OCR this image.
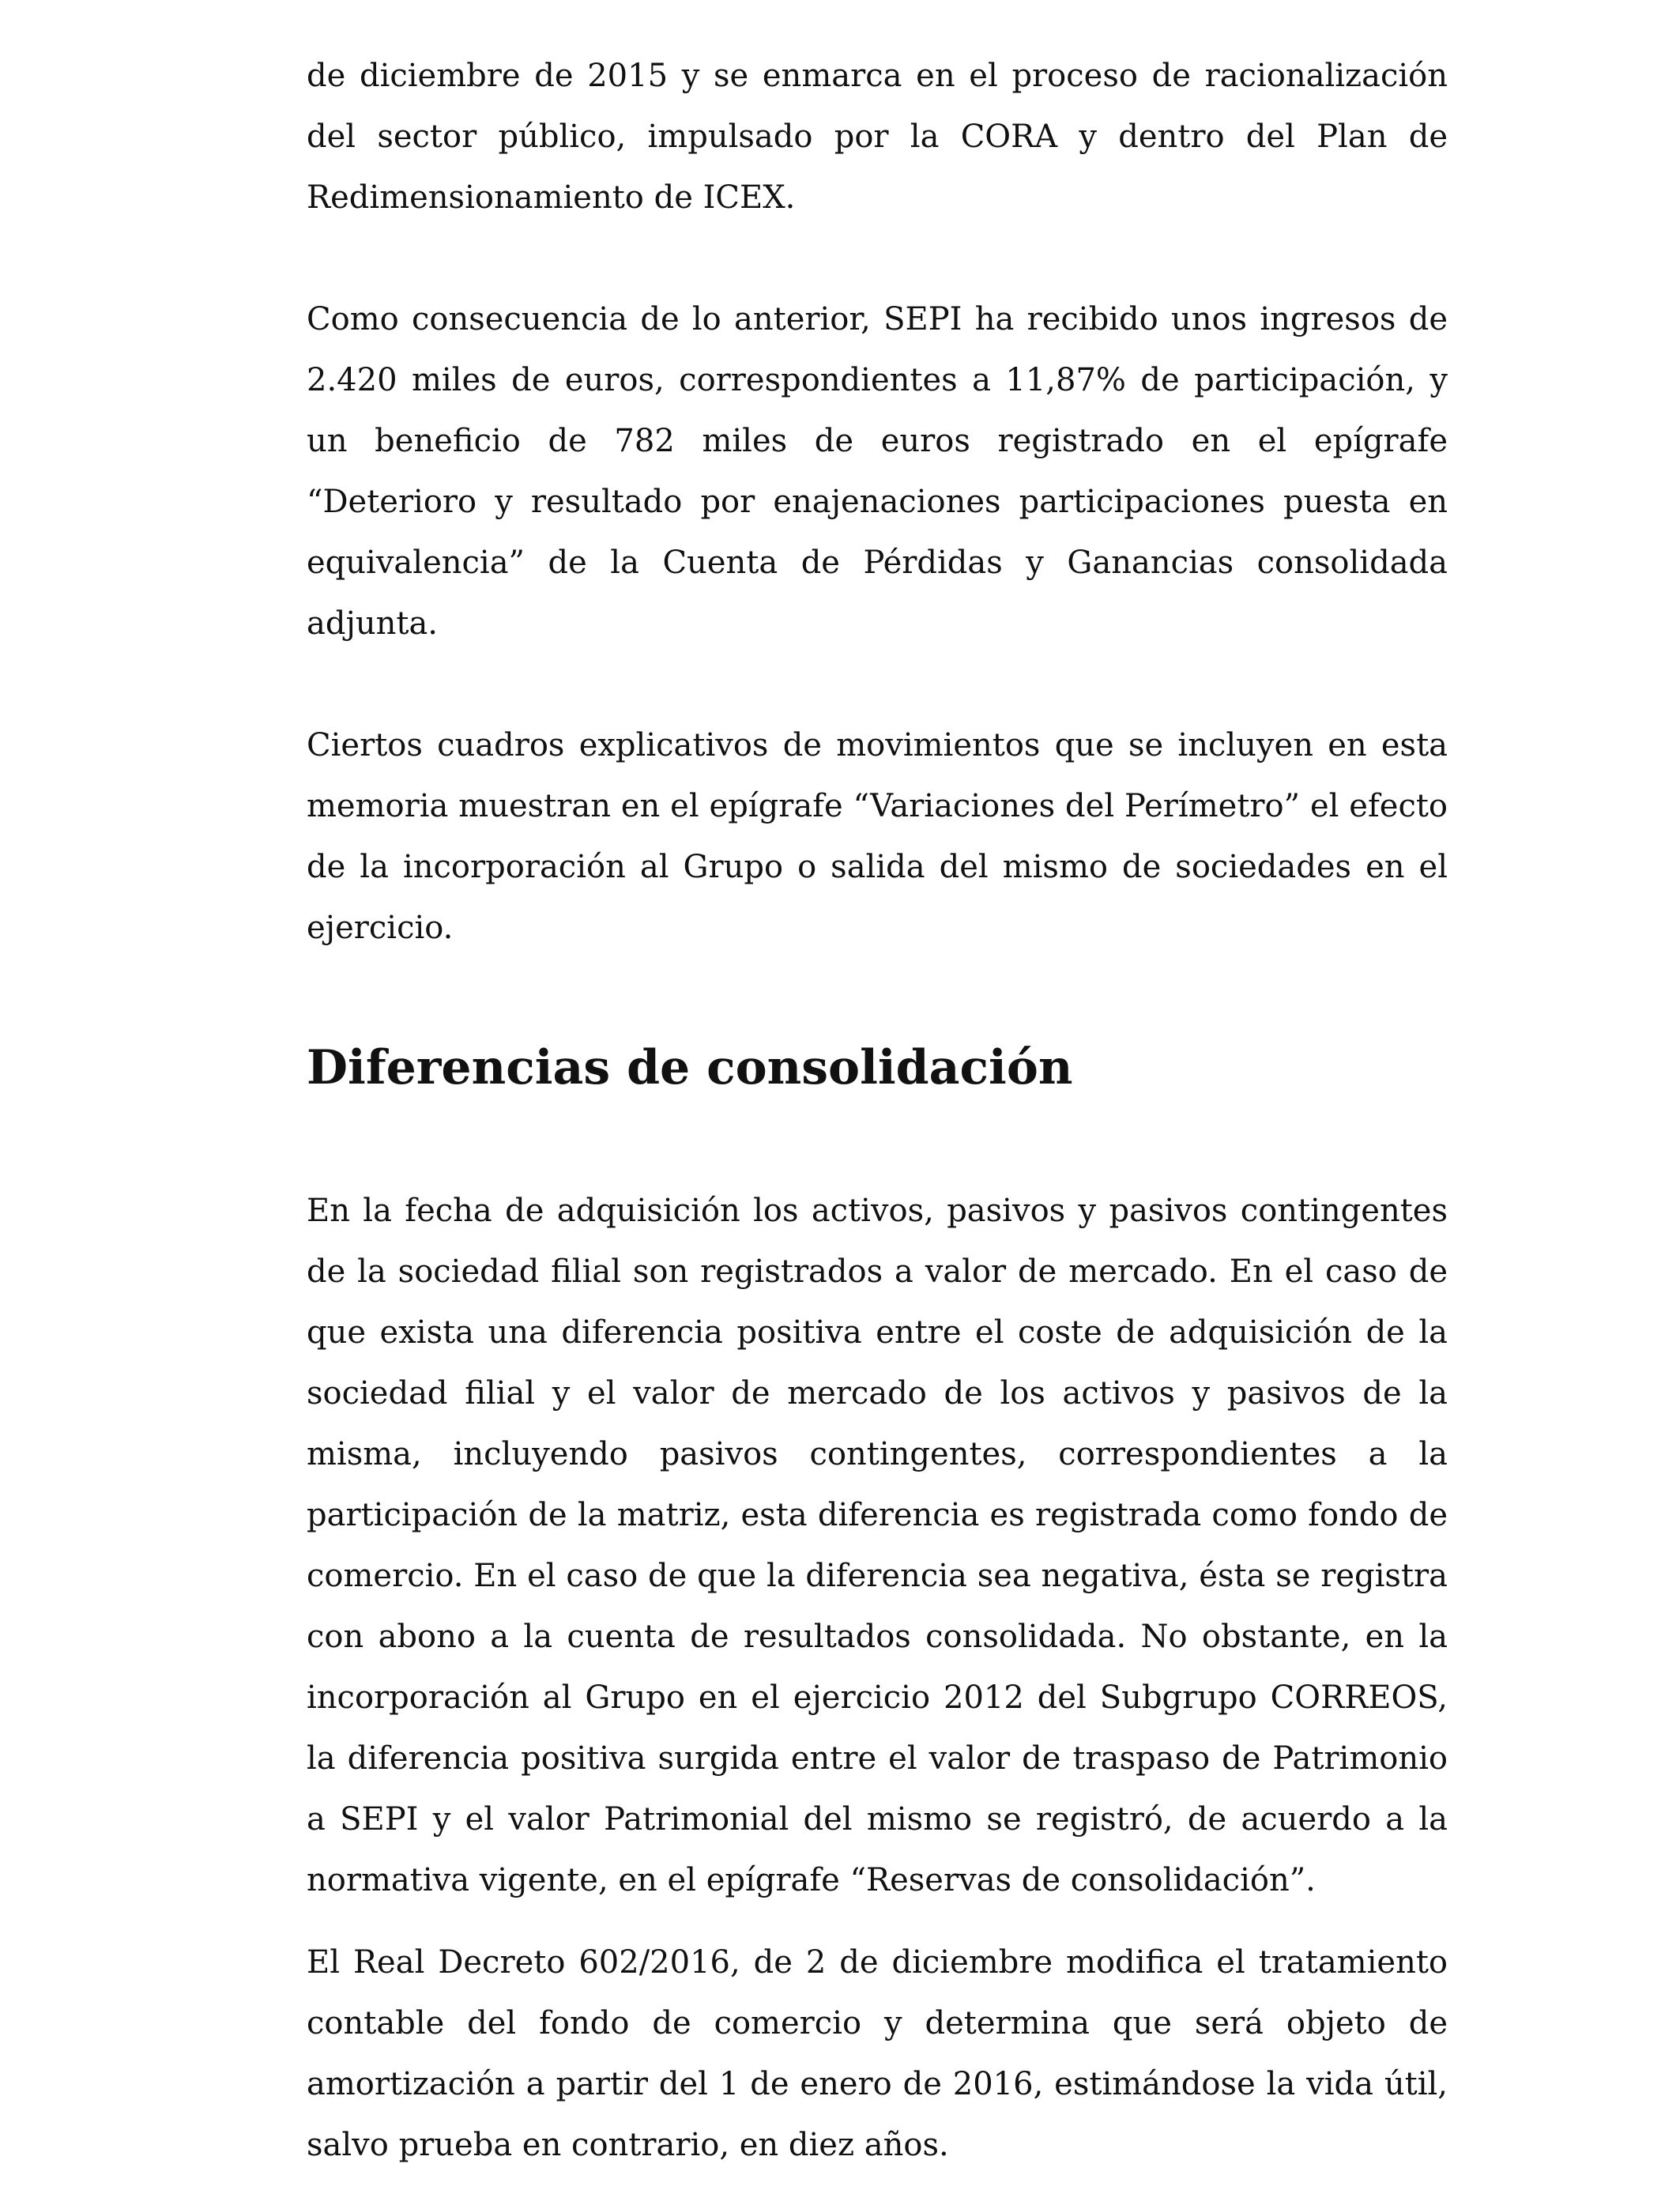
de diciembre de 2015 y se enmarca en el proceso de racionalización del sector público, impulsado por la CORA y dentro del Plan de Redimensionamiento de ICEX.

Como consecuencia de lo anterior, SEPI ha recibido unos ingresos de 2.420 miles de euros, correspondientes a 11,87% de participación, y un beneficio de 782 miles de euros registrado en el epígrafe “Deterioro y resultado por enajenaciones participaciones puesta en equivalencia” de la Cuenta de Pérdidas y Ganancias consolidada adjunta.

Ciertos cuadros explicativos de movimientos que se incluyen en esta memoria muestran en el epígrafe “Variaciones del Perímetro” el efecto de la incorporación al Grupo o salida del mismo de sociedades en el ejercicio.

Diferencias de consolidación

En la fecha de adquisición los activos, pasivos y pasivos contingentes de la sociedad filial son registrados a valor de mercado. En el caso de que exista una diferencia positiva entre el coste de adquisición de la sociedad filial y el valor de mercado de los activos y pasivos de la misma, incluyendo pasivos contingentes, correspondientes a la participación de la matriz, esta diferencia es registrada como fondo de comercio. En el caso de que la diferencia sea negativa, ésta se registra con abono a la cuenta de resultados consolidada. No obstante, en la incorporación al Grupo en el ejercicio 2012 del Subgrupo CORREOS, la diferencia positiva surgida entre el valor de traspaso de Patrimonio a SEPI y el valor Patrimonial del mismo se registró, de acuerdo a la normativa vigente, en el epígrafe “Reservas de consolidación”.

El Real Decreto 602/2016, de 2 de diciembre modifica el tratamiento contable del fondo de comercio y determina que será objeto de amortización a partir del 1 de enero de 2016, estimándose la vida útil, salvo prueba en contrario, en diez años.
